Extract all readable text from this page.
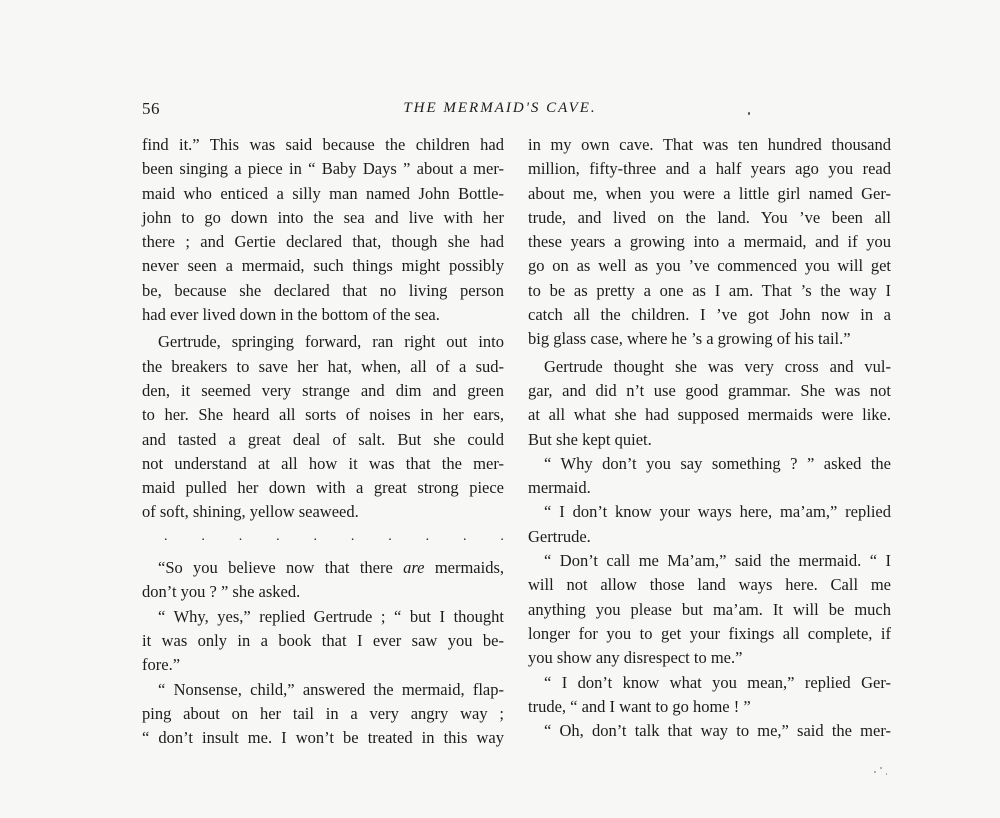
56	THE MERMAID'S CAVE.
find it.” This was said because the children had
been singing a piece in “ Baby Days ” about a mer-
maid who enticed a silly man named John Bottle-
john to go down into the sea and live with her
there ; and Gertie declared that, though she had
never seen a mermaid, such things might possibly
be, because she declared that no living person
had ever lived down in the bottom of the sea.
Gertrude, springing forward, ran right out into
the breakers to save her hat, when, all of a sud-
den, it seemed very strange and dim and green
to her. She heard all sorts of noises in her ears,
and tasted a great deal of salt. But she could
not understand at all how it was that the mer-
maid pulled her down with a great strong piece
of soft, shining, yellow seaweed.
. . . . . . . . . .
“So you believe now that there are mermaids,
don’t you ? ” she asked.
“ Why, yes,” replied Gertrude ; “ but I thought
it was only in a book that I ever saw you be-
fore.”
“ Nonsense, child,” answered the mermaid, flap-
ping about on her tail in a very angry way ;
“ don’t insult me. I won’t be treated in this way
in my own cave. That was ten hundred thousand
million, fifty-three and a half years ago you read
about me, when you were a little girl named Ger-
trude, and lived on the land. You ’ve been all
these years a growing into a mermaid, and if you
go on as well as you ’ve commenced you will get
to be as pretty a one as I am. That ’s the way I
catch all the children. I ’ve got John now in a
big glass case, where he ’s a growing of his tail.”
Gertrude thought she was very cross and vul-
gar, and did n’t use good grammar. She was not
at all what she had supposed mermaids were like.
But she kept quiet.
“ Why don’t you say something ? ” asked the
mermaid.
“ I don’t know your ways here, ma’am,” replied
Gertrude.
“ Don’t call me Ma’am,” said the mermaid. “ I
will not allow those land ways here. Call me
anything you please but ma’am. It will be much
longer for you to get your fixings all complete, if
you show any disrespect to me.”
“ I don’t know what you mean,” replied Ger-
trude, “ and I want to go home ! ”
“ Oh, don’t talk that way to me,” said the mer-
